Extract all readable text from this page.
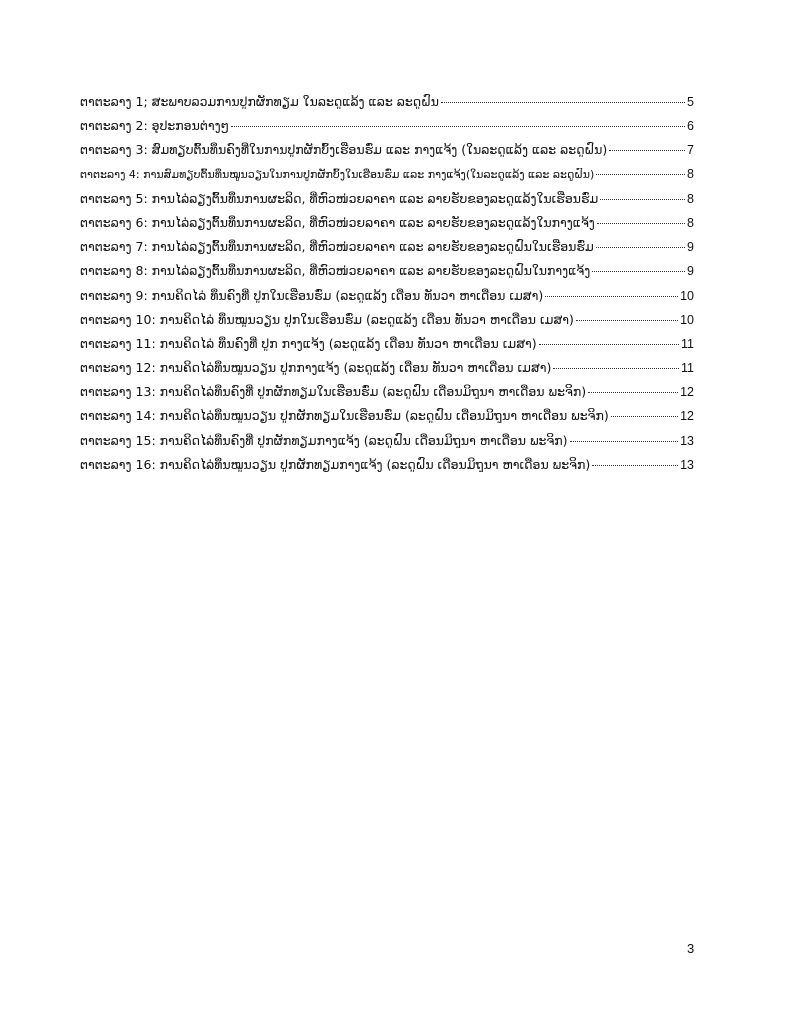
ຕາຕະລາງ 1; ສະພາບລວມການປູກຜັກທຽມ ໃນລະດູແລ້ງ ແລະ ລະດູຝົນ	5
ຕາຕະລາງ 2: ອຸປະກອນຕ່າງໆ	6
ຕາຕະລາງ 3: ສົມທຽບຕົ້ນທຶນຄົງທີ່ໃນການປູກຜັກບົ້ງເຮືອນຮົ່ມ ແລະ ກາງແຈ້ງ (ໃນລະດູແລ້ງ ແລະ ລະດູຝົນ)	7
ຕາຕະລາງ 4: ການສົມທຽບຕົ້ນທຶນໝູນວຽນໃນການປູກຜັກບົ້ງໃນເຮືອນຮົ່ມ ແລະ ກາງແຈ້ງ(ໃນລະດູແລ້ງ ແລະ ລະດູຝົນ)	8
ຕາຕະລາງ 5: ການໄລ່ລຽງຕົ້ນທຶນການຜະລິດ, ທີ່ຫົວໜ່ວຍລາຄາ ແລະ ລາຍຮັບຂອງລະດູແລ້ງໃນເຮືອນຮົ່ມ	8
ຕາຕະລາງ 6: ການໄລ່ລຽງຕົ້ນທຶນການຜະລິດ, ທີ່ຫົວໜ່ວຍລາຄາ ແລະ ລາຍຮັບຂອງລະດູແລ້ງໃນກາງແຈ້ງ	8
ຕາຕະລາງ 7: ການໄລ່ລຽງຕົ້ນທຶນການຜະລິດ, ທີ່ຫົວໜ່ວຍລາຄາ ແລະ ລາຍຮັບຂອງລະດູຝົນໃນເຮືອນຮົ່ມ	9
ຕາຕະລາງ 8: ການໄລ່ລຽງຕົ້ນທຶນການຜະລິດ, ທີ່ຫົວໜ່ວຍລາຄາ ແລະ ລາຍຮັບຂອງລະດູຝົນໃນກາງແຈ້ງ	9
ຕາຕະລາງ 9: ການຄິດໄລ່ ທຶນຄົງທີ່ ປູກໃນເຮືອນຮົ່ມ (ລະດູແລ້ງ ເດືອນ ທັນວາ ຫາເດືອນ ເມສາ)	10
ຕາຕະລາງ 10: ການຄິດໄລ່ ທຶນໝູນວຽນ ປູກໃນເຮືອນຮົ່ມ (ລະດູແລ້ງ ເດືອນ ທັນວາ ຫາເດືອນ ເມສາ)	10
ຕາຕະລາງ 11: ການຄິດໄລ່ ທຶນຄົງທີ່ ປູກ ກາງແຈ້ງ (ລະດູແລ້ງ ເດືອນ ທັນວາ ຫາເດືອນ ເມສາ)	11
ຕາຕະລາງ 12: ການຄິດໄລ່ທຶນໝູນວຽນ ປູກກາງແຈ້ງ (ລະດູແລ້ງ ເດືອນ ທັນວາ ຫາເດືອນ ເມສາ)	11
ຕາຕະລາງ 13: ການຄິດໄລ່ທຶນຄົງທີ່ ປູກຜັກທຽມໃນເຮືອນຮົ່ມ (ລະດູຝົນ ເດືອນມິຖຸນາ ຫາເດືອນ ພະຈິກ)	12
ຕາຕະລາງ 14: ການຄິດໄລ່ທຶນໝູນວຽນ ປູກຜັກທຽມໃນເຮືອນຮົ່ມ (ລະດູຝົນ ເດືອນມິຖຸນາ ຫາເດືອນ ພະຈິກ)	12
ຕາຕະລາງ 15: ການຄິດໄລ່ທຶນຄົງທີ່ ປູກຜັກທຽມກາງແຈ້ງ (ລະດູຝົນ ເດືອນມິຖຸນາ ຫາເດືອນ ພະຈິກ)	13
ຕາຕະລາງ 16: ການຄິດໄລ່ທຶນໝູນວຽນ ປູກຜັກທຽມກາງແຈ້ງ (ລະດູຝົນ ເດືອນມິຖຸນາ ຫາເດືອນ ພະຈິກ)	13
3
